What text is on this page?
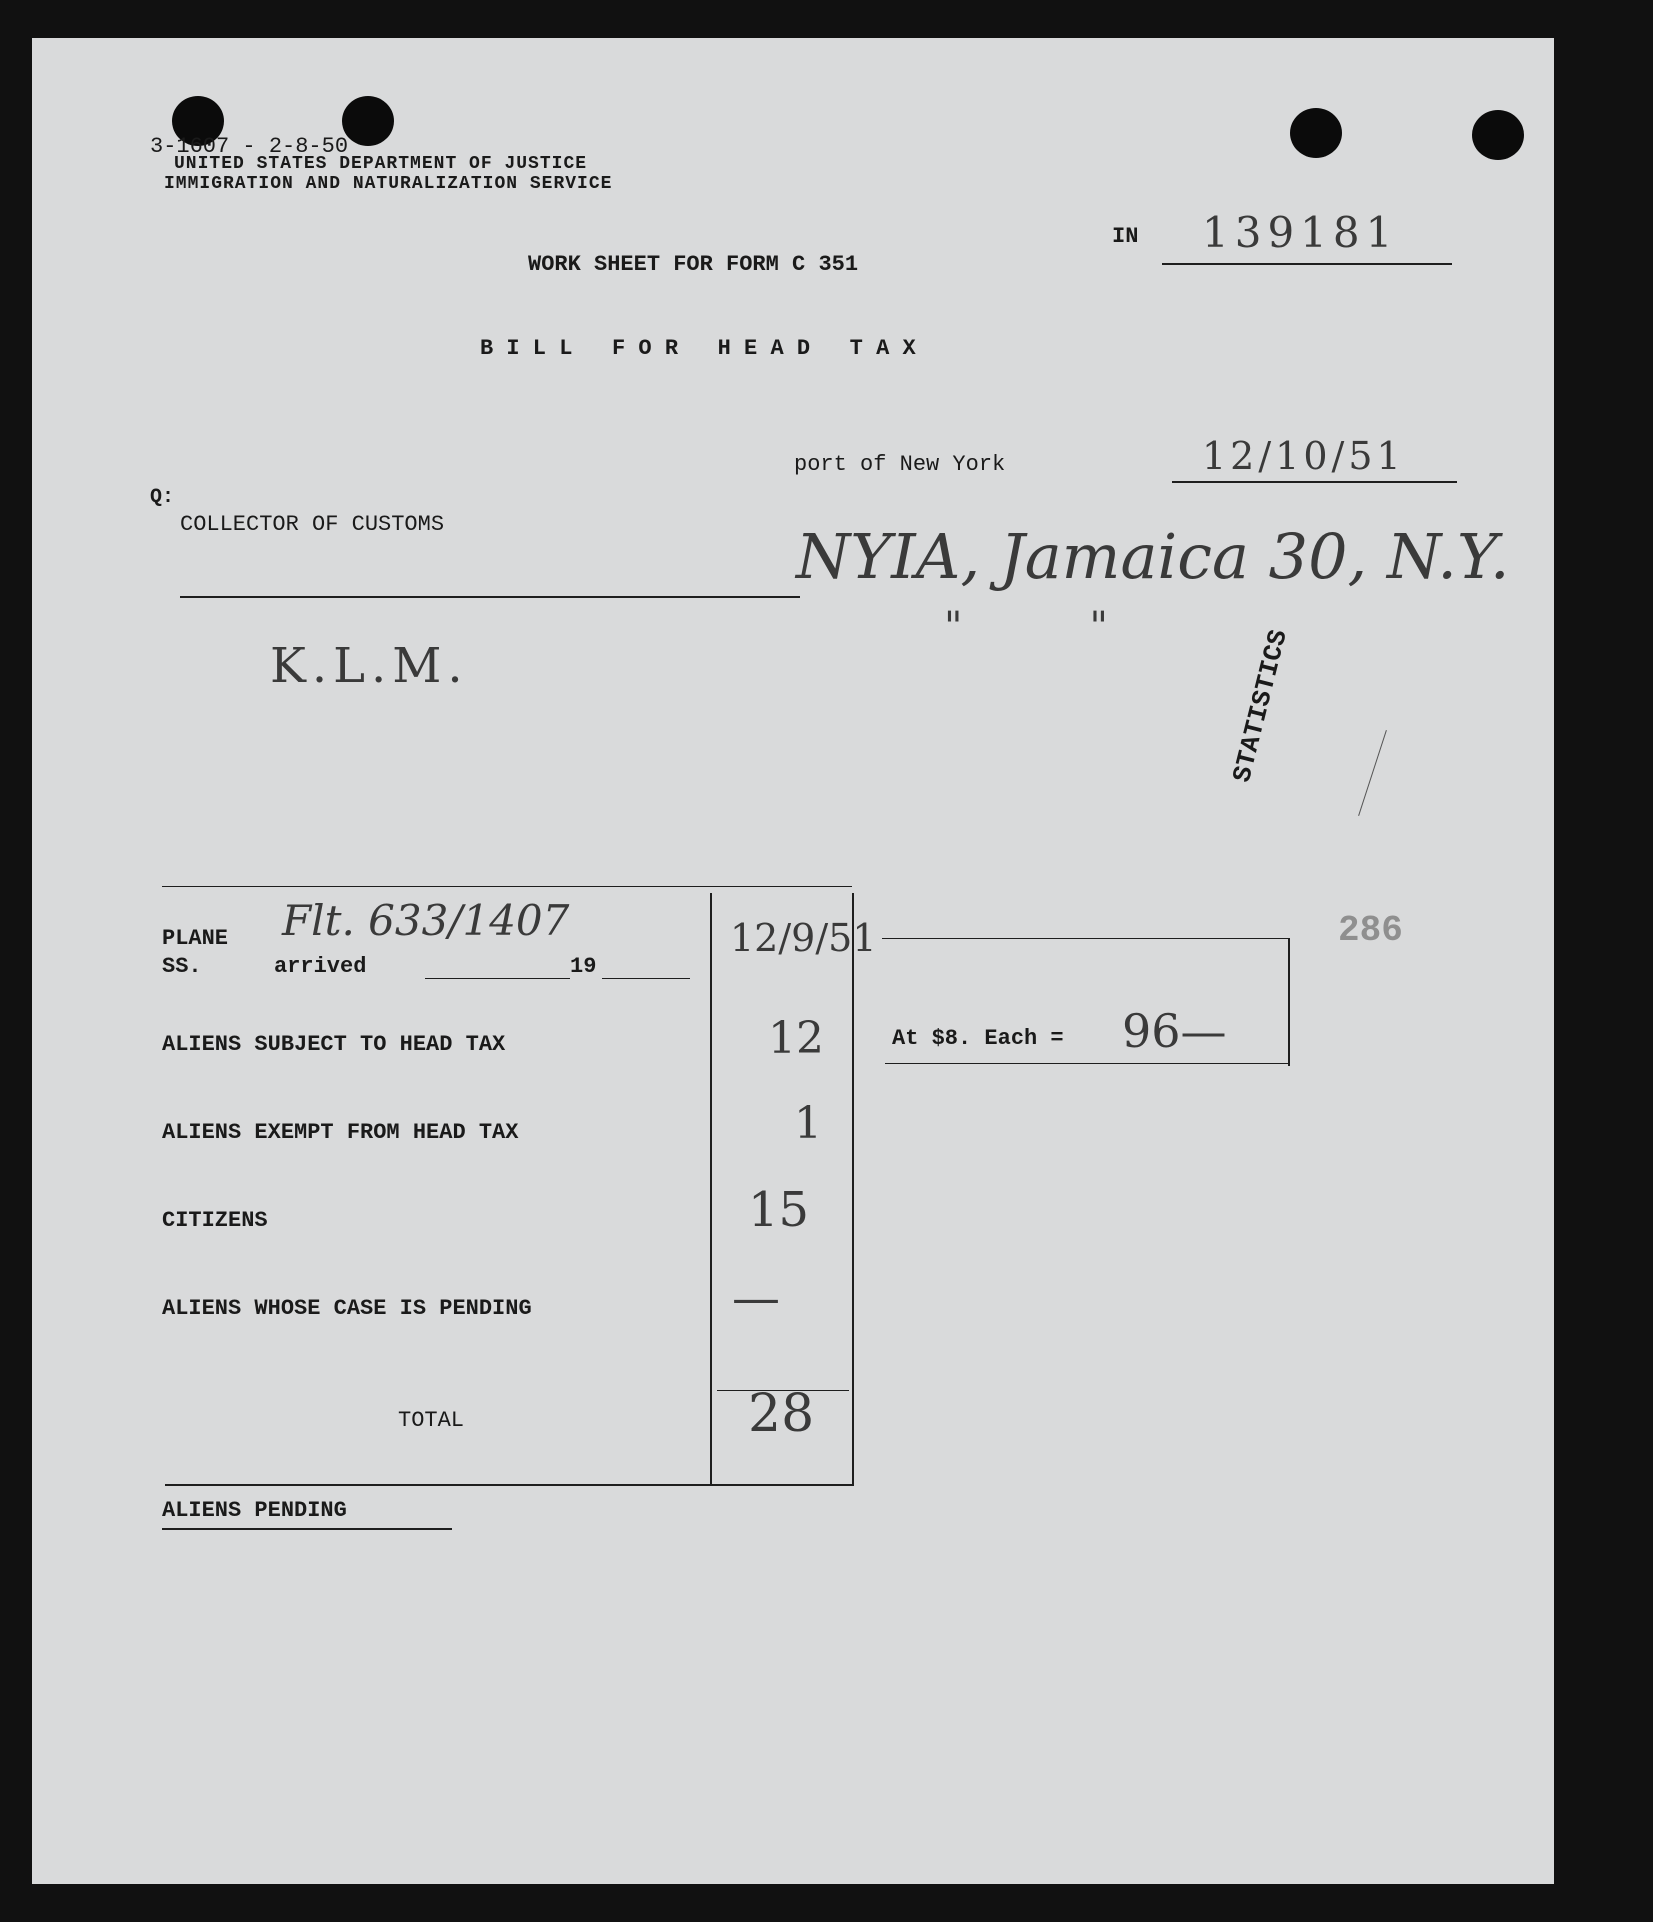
3-1607 - 2-8-50
UNITED STATES DEPARTMENT OF JUSTICE
IMMIGRATION AND NATURALIZATION SERVICE
IN 139181
WORK SHEET FOR FORM C 351
B I L L   F O R   H E A D   T A X
port of New York	12/10/51
Q:
COLLECTOR OF CUSTOMS	NYIA, Jamaica 30, N.Y.
"          "
K.L.M.	STATISTICS
PLANE
SS.	arrived	19
Flt. 633/1407	12/9/51	286
ALIENS SUBJECT TO HEAD TAX	12
ALIENS EXEMPT FROM HEAD TAX	1
CITIZENS	15
ALIENS WHOSE CASE IS PENDING	—
TOTAL	28
At $8. Each = 96—
ALIENS PENDING
